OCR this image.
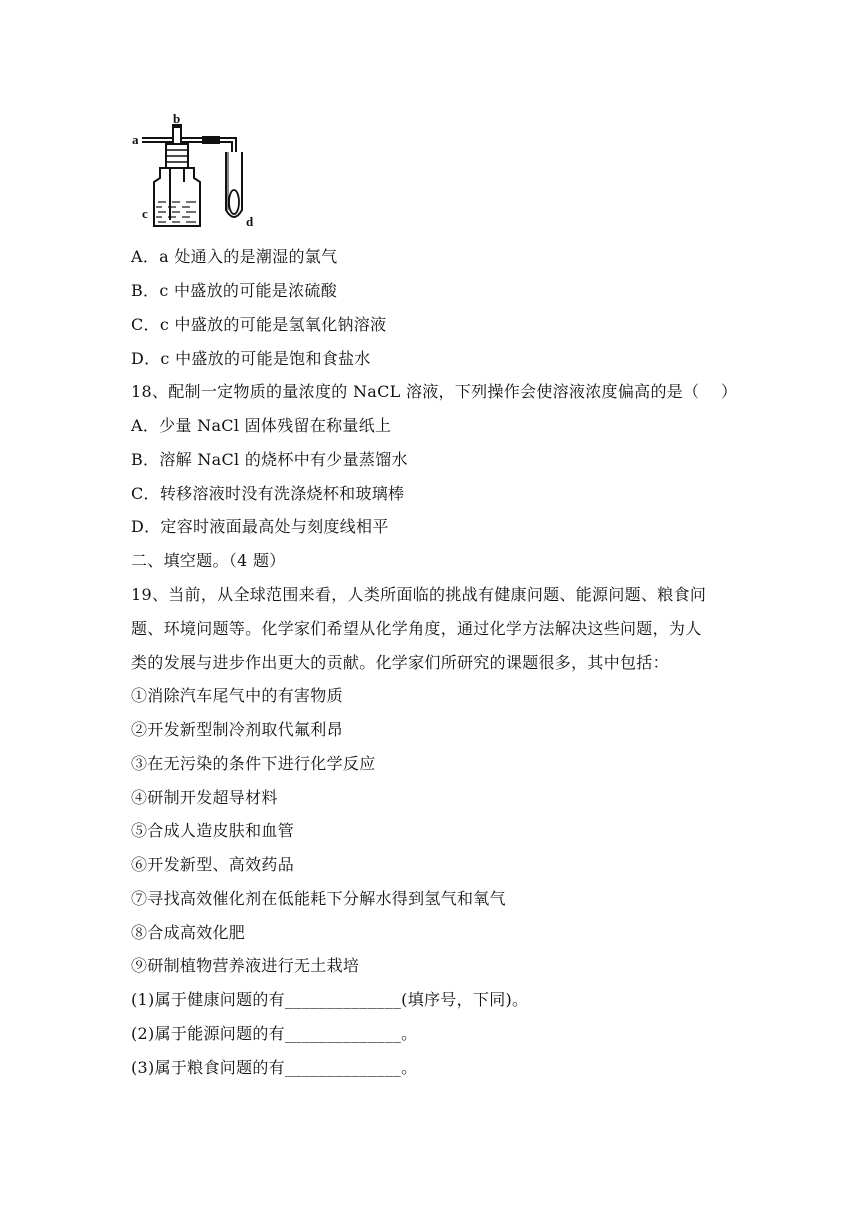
a
b
c
d
A．a 处通入的是潮湿的氯气
B．c 中盛放的可能是浓硫酸
C．c 中盛放的可能是氢氧化钠溶液
D．c 中盛放的可能是饱和食盐水
18、配制一定物质的量浓度的 NaCL 溶液，下列操作会使溶液浓度偏高的是（　 ）
A．少量 NaCl 固体残留在称量纸上
B．溶解 NaCl 的烧杯中有少量蒸馏水
C．转移溶液时没有洗涤烧杯和玻璃棒
D．定容时液面最高处与刻度线相平
二、填空题。（4 题）
19、当前，从全球范围来看，人类所面临的挑战有健康问题、能源问题、粮食问
题、环境问题等。化学家们希望从化学角度，通过化学方法解决这些问题，为人
类的发展与进步作出更大的贡献。化学家们所研究的课题很多，其中包括：
①消除汽车尾气中的有害物质
②开发新型制冷剂取代氟利昂
③在无污染的条件下进行化学反应
④研制开发超导材料
⑤合成人造皮肤和血管
⑥开发新型、高效药品
⑦寻找高效催化剂在低能耗下分解水得到氢气和氧气
⑧合成高效化肥
⑨研制植物营养液进行无土栽培
(1)属于健康问题的有______________(填序号，下同)。
(2)属于能源问题的有______________。
(3)属于粮食问题的有______________。
